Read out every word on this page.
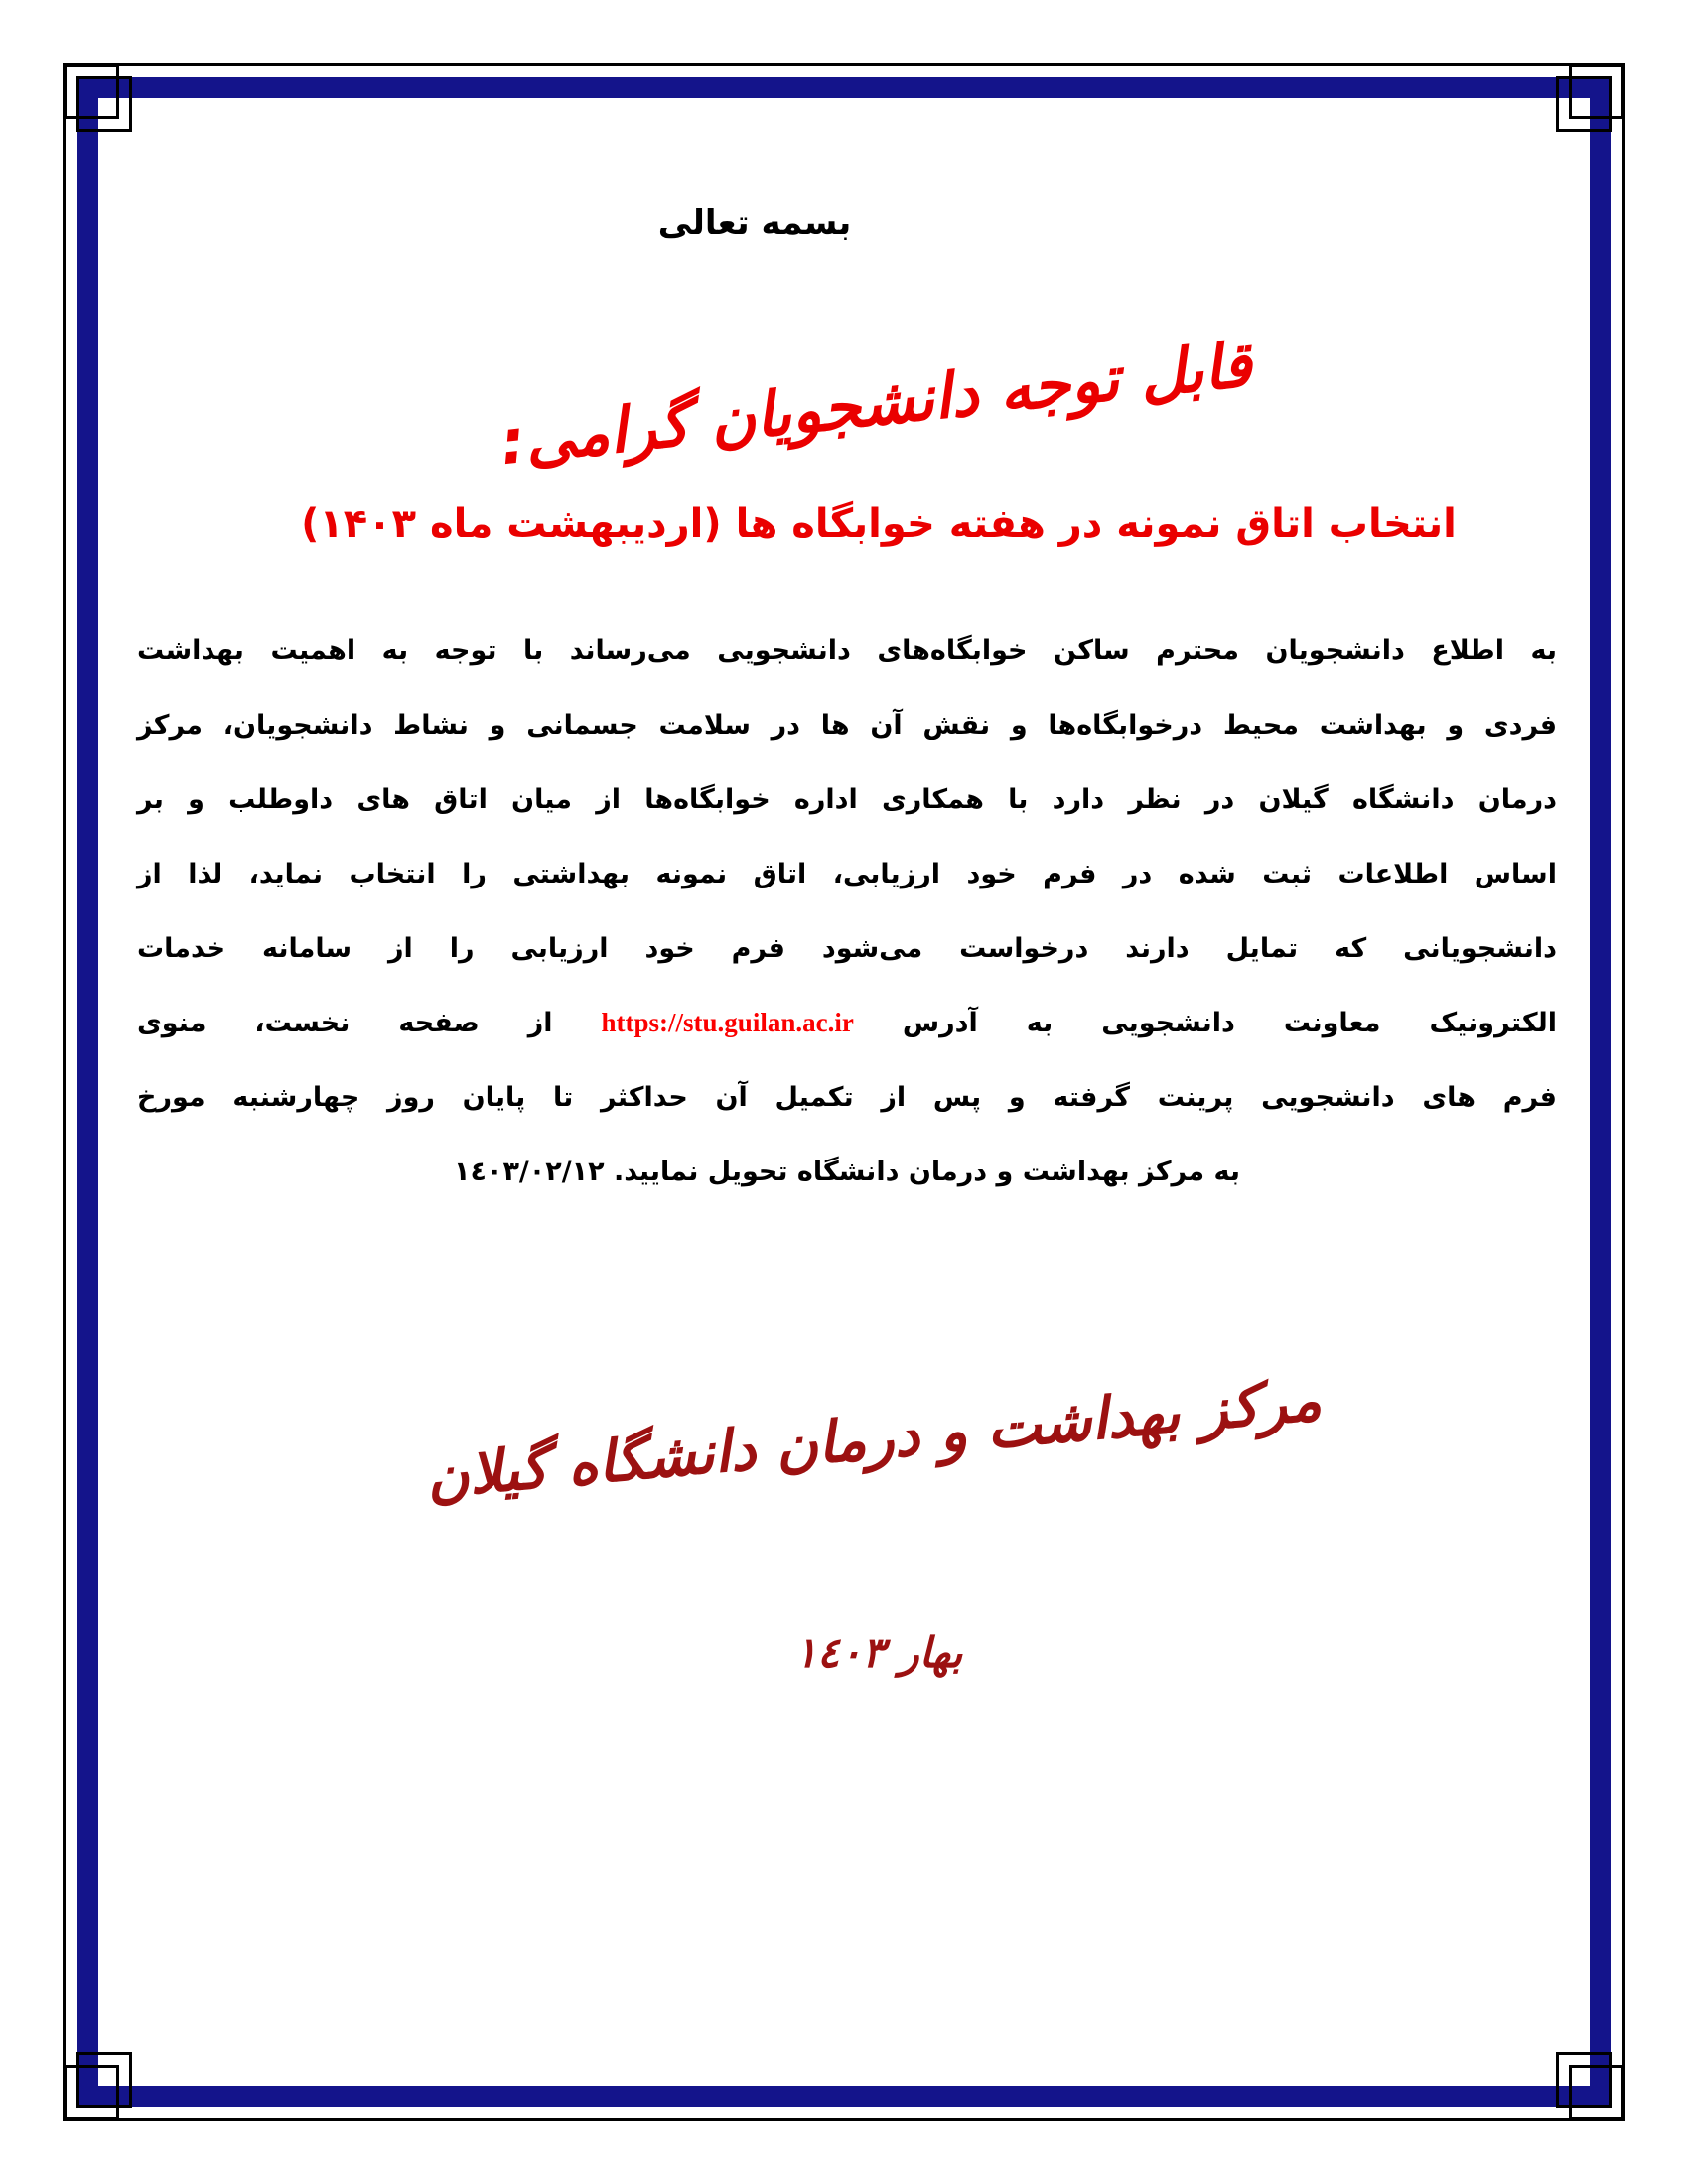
بسمه تعالی
قابل توجه دانشجویان گرامی:
انتخاب اتاق نمونه در هفته خوابگاه ها (اردیبهشت ماه ۱۴۰۳)
به اطلاع دانشجویان محترم ساکن خوابگاه‌های دانشجویی می‌رساند با توجه به اهمیت بهداشت
فردی و بهداشت محیط درخوابگاه‌ها و نقش آن ها در سلامت جسمانی و نشاط دانشجویان، مرکز
درمان دانشگاه گیلان در نظر دارد با همکاری اداره خوابگاه‌ها از میان اتاق های داوطلب و بر
اساس اطلاعات ثبت شده در فرم خود ارزیابی، اتاق نمونه بهداشتی را انتخاب نماید، لذا از
دانشجویانی که تمایل دارند درخواست می‌شود فرم خود ارزیابی را از سامانه خدمات
الکترونیک معاونت دانشجویی به آدرس https://stu.guilan.ac.ir از صفحه نخست، منوی
فرم های دانشجویی پرینت گرفته و پس از تکمیل آن حداکثر تا پایان روز چهارشنبه مورخ
به مرکز بهداشت و درمان دانشگاه تحویل نمایید. ١٤٠٣/٠٢/١٢
مرکز بهداشت و درمان دانشگاه گیلان
بهار ١٤٠٣
